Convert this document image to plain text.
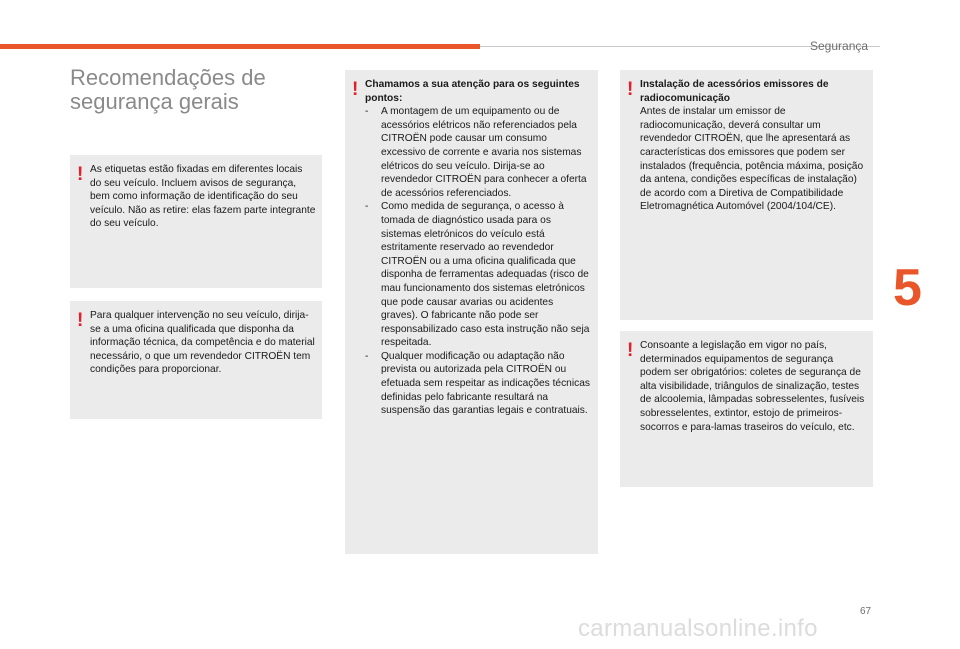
Segurança
Recomendações de
segurança gerais
! As etiquetas estão fixadas em diferentes locais do seu veículo. Incluem avisos de segurança, bem como informação de identificação do seu veículo. Não as retire: elas fazem parte integrante do seu veículo.

! Para qualquer intervenção no seu veículo, dirija-se a uma oficina qualificada que disponha da informação técnica, da competência e do material necessário, o que um revendedor CITROËN tem condições para proporcionar.

! Chamamos a sua atenção para os seguintes pontos:
- A montagem de um equipamento ou de acessórios elétricos não referenciados pela CITROËN pode causar um consumo excessivo de corrente e avaria nos sistemas elétricos do seu veículo. Dirija-se ao revendedor CITROËN para conhecer a oferta de acessórios referenciados.
- Como medida de segurança, o acesso à tomada de diagnóstico usada para os sistemas eletrónicos do veículo está estritamente reservado ao revendedor CITROËN ou a uma oficina qualificada que disponha de ferramentas adequadas (risco de mau funcionamento dos sistemas eletrónicos que pode causar avarias ou acidentes graves). O fabricante não pode ser responsabilizado caso esta instrução não seja respeitada.
- Qualquer modificação ou adaptação não prevista ou autorizada pela CITROËN ou efetuada sem respeitar as indicações técnicas definidas pelo fabricante resultará na suspensão das garantias legais e contratuais.
! Instalação de acessórios emissores de radiocomunicação

Antes de instalar um emissor de radiocomunicação, deverá consultar um revendedor CITROËN, que lhe apresentará as características dos emissores que podem ser instalados (frequência, potência máxima, posição da antena, condições específicas de instalação) de acordo com a Diretiva de Compatibilidade Eletromagnética Automóvel (2004/104/CE).

! Consoante a legislação em vigor no país, determinados equipamentos de segurança podem ser obrigatórios: coletes de segurança de alta visibilidade, triângulos de sinalização, testes de alcoolemia, lâmpadas sobresselentes, fusíveis sobresselentes, extintor, estojo de primeiros-socorros e para-lamas traseiros do veículo, etc.

5
67
carmanualsonline.info
